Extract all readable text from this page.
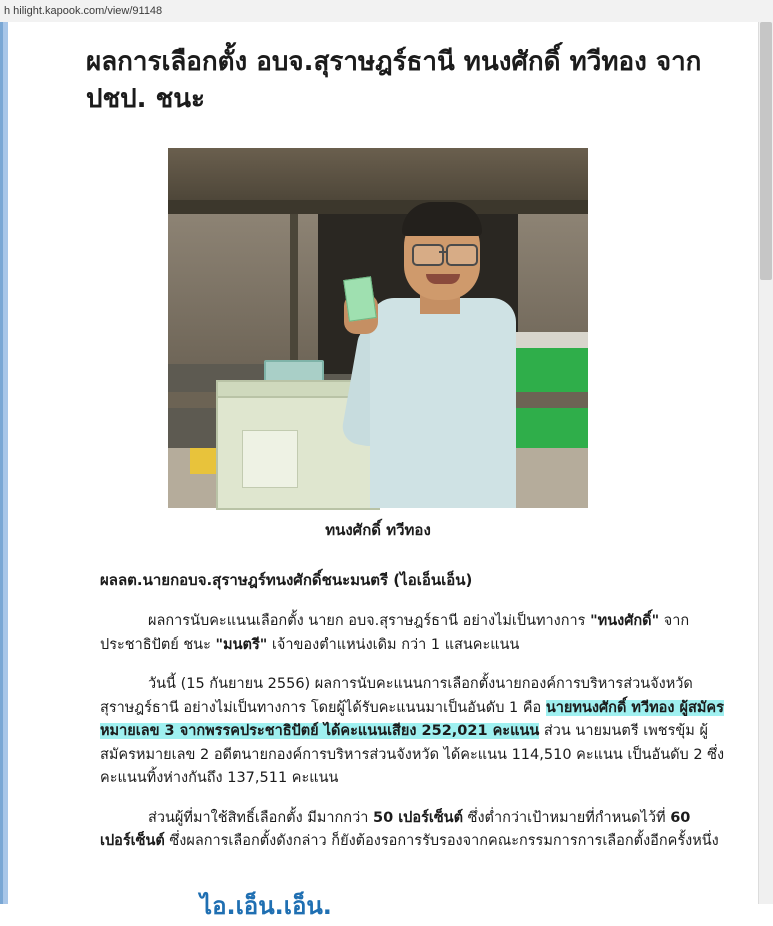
h hilight.kapook.com/view/91148
ผลการเลือกตั้ง อบจ.สุราษฎร์ธานี ทนงศักดิ์ ทวีทอง จาก ปชป. ชนะ
ทนงศักดิ์ ทวีทอง
ผลลต.นายกอบจ.สุราษฎร์ทนงศักดิ์ชนะมนตรี (ไอเอ็นเอ็น)

ผลการนับคะแนนเลือกตั้ง นายก อบจ.สุราษฎร์ธานี อย่างไม่เป็นทางการ "ทนงศักดิ์" จากประชาธิปัตย์ ชนะ "มนตรี" เจ้าของตำแหน่งเดิม กว่า 1 แสนคะแนน

วันนี้ (15 กันยายน 2556) ผลการนับคะแนนการเลือกตั้งนายกองค์การบริหารส่วนจังหวัดสุราษฎร์ธานี อย่างไม่เป็นทางการ โดยผู้ได้รับคะแนนมาเป็นอันดับ 1 คือ นายทนงศักดิ์ ทวีทอง ผู้สมัครหมายเลข 3 จากพรรคประชาธิปัตย์ ได้คะแนนเสียง 252,021 คะแนน ส่วน นายมนตรี เพชรขุ้ม ผู้สมัครหมายเลข 2 อดีตนายกองค์การบริหารส่วนจังหวัด ได้คะแนน 114,510 คะแนน เป็นอันดับ 2 ซึ่งคะแนนทิ้งห่างกันถึง 137,511 คะแนน

ส่วนผู้ที่มาใช้สิทธิ์เลือกตั้ง มีมากกว่า 50 เปอร์เซ็นต์ ซึ่งต่ำกว่าเป้าหมายที่กำหนดไว้ที่ 60 เปอร์เซ็นต์ ซึ่งผลการเลือกตั้งดังกล่าว ก็ยังต้องรอการรับรองจากคณะกรรมการการเลือกตั้งอีกครั้งหนึ่ง

ไอ.เอ็น.เอ็น.
